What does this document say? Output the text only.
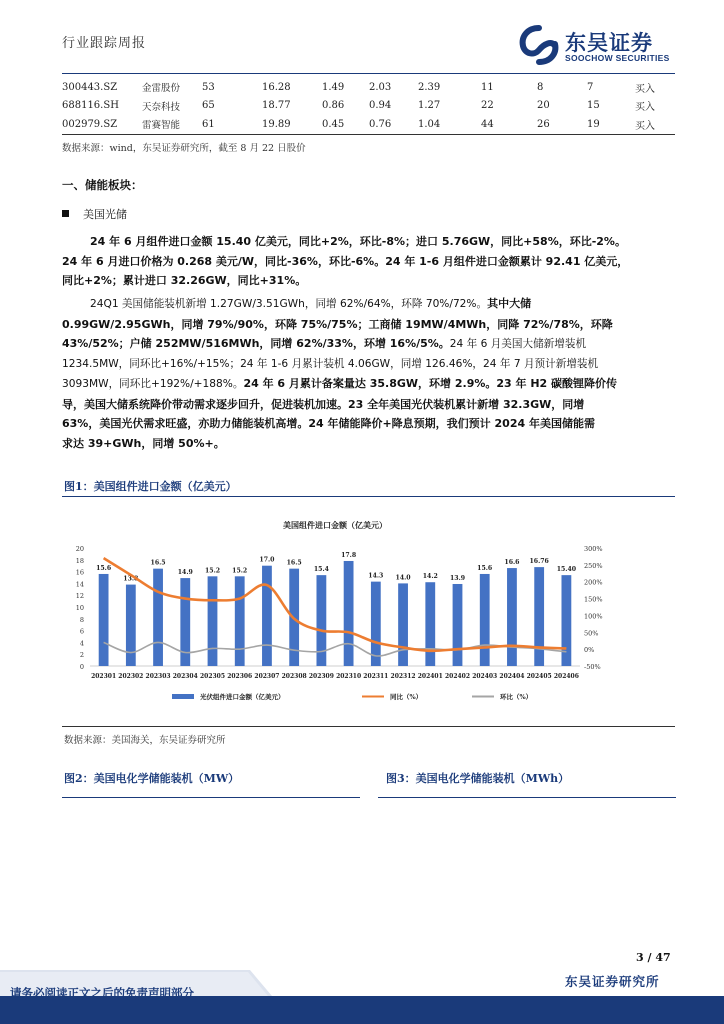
行业跟踪周报	东吴证券
SOOCHOW SECURITIES
300443.SZ	金雷股份	53	16.28	1.49	2.03	2.39	11	8	7	买入
688116.SH	天奈科技	65	18.77	0.86	0.94	1.27	22	20	15	买入
002979.SZ	雷赛智能	61	19.89	0.45	0.76	1.04	44	26	19	买入
数据来源：wind，东吴证券研究所，截至 8 月 22 日股价
一、储能板块：
美国光储
24 年 6 月组件进口金额 15.40 亿美元，同比+2%，环比-8%；进口 5.76GW，同比+58%，环比-2%。
24 年 6 月进口价格为 0.268 美元/W，同比-36%，环比-6%。24 年 1-6 月组件进口金额累计 92.41 亿美元，
同比+2%；累计进口 32.26GW，同比+31%。
24Q1 美国储能装机新增 1.27GW/3.51GWh，同增 62%/64%，环降 70%/72%。其中大储
0.99GW/2.95GWh，同增 79%/90%，环降 75%/75%；工商储 19MW/4MWh，同降 72%/78%，环降
43%/52%；户储 252MW/516MWh，同增 62%/33%，环增 16%/5%。24 年 6 月美国大储新增装机
1234.5MW，同环比+16%/+15%；24 年 1-6 月累计装机 4.06GW，同增 126.46%，24 年 7 月预计新增装机
3093MW，同环比+192%/+188%。24 年 6 月累计备案量达 35.8GW，环增 2.9%。23 年 H2 碳酸锂降价传
导，美国大储系统降价带动需求逐步回升，促进装机加速。23 全年美国光伏装机累计新增 32.3GW，同增
63%，美国光伏需求旺盛，亦助力储能装机高增。24 年储能降价+降息预期，我们预计 2024 年美国储能需
求达 39+GWh，同增 50%+。
图1：美国组件进口金额（亿美元）
美国组件进口金额（亿美元）
0
2
4
6
8
10
12
14
16
18
20
-50%
0%
50%
100%
150%
200%
250%
300%
15.6
202301
13.8
202302
16.5
202303
14.9
202304
15.2
202305
15.2
202306
17.0
202307
16.5
202308
15.4
202309
17.8
202310
14.3
202311
14.0
202312
14.2
202401
13.9
202402
15.6
202403
16.6
202404
16.76
202405
15.40
202406
光伏组件进口金额（亿美元）	同比（%）	环比（%）
数据来源：美国海关，东吴证券研究所
图2：美国电化学储能装机（MW）	图3：美国电化学储能装机（MWh）
3 / 47
东吴证券研究所
请务必阅读正文之后的免责声明部分
